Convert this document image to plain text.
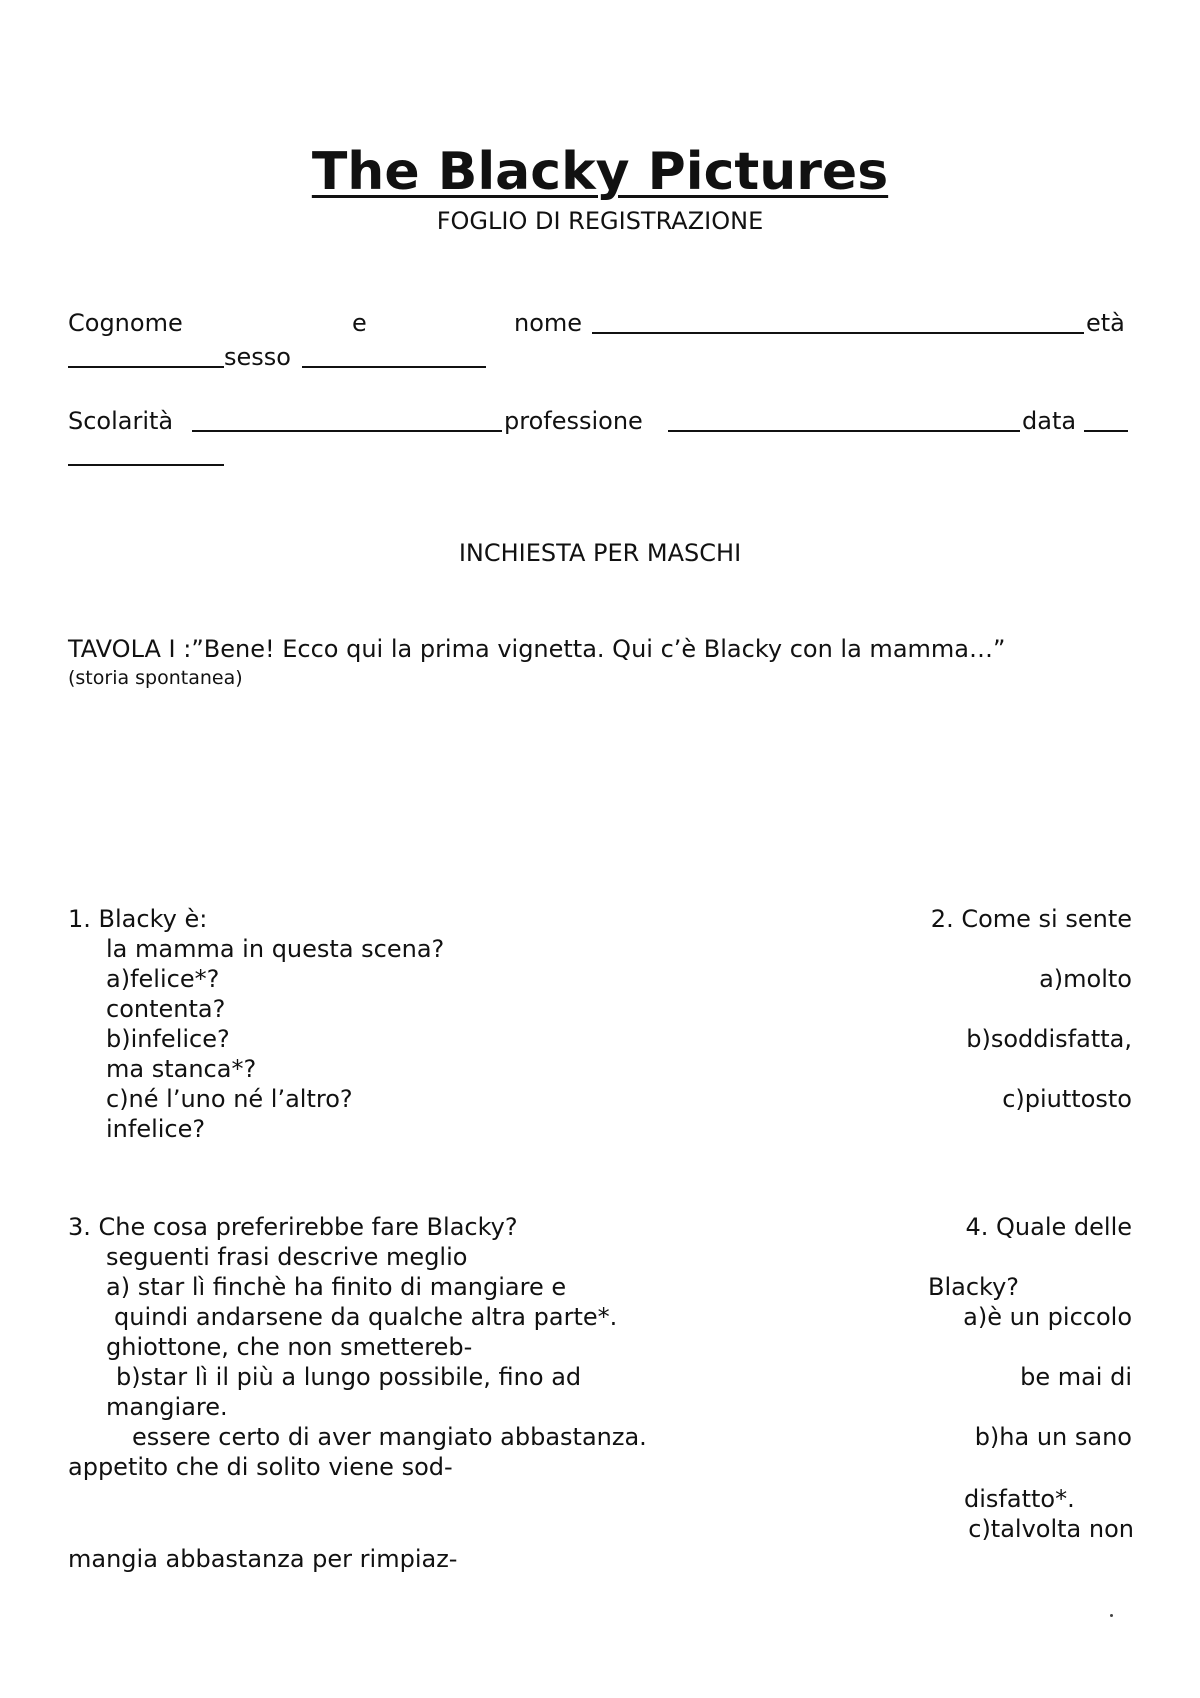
The Blacky Pictures
FOGLIO DI REGISTRAZIONE
Cognome	e	nome	età
sesso
Scolarità	professione	data
INCHIESTA PER MASCHI
TAVOLA I :”Bene! Ecco qui la prima vignetta. Qui c’è Blacky con la mamma…”
(storia spontanea)
1. Blacky è:
la mamma in questa scena?
a)felice*?
contenta?
b)infelice?
ma stanca*?
c)né l’uno né l’altro?
infelice?
2. Come si sente
a)molto
b)soddisfatta,
c)piuttosto
3. Che cosa preferirebbe fare Blacky?
seguenti frasi descrive meglio
a) star lì finchè ha finito di mangiare e
quindi andarsene da qualche altra parte*.
ghiottone, che non smettereb-
b)star lì il più a lungo possibile, fino ad
mangiare.
essere certo di aver mangiato abbastanza.
appetito che di solito viene sod-
mangia abbastanza per rimpiaz-
4. Quale delle
Blacky?
a)è un piccolo
be mai di
b)ha un sano
disfatto*.
c)talvolta non
